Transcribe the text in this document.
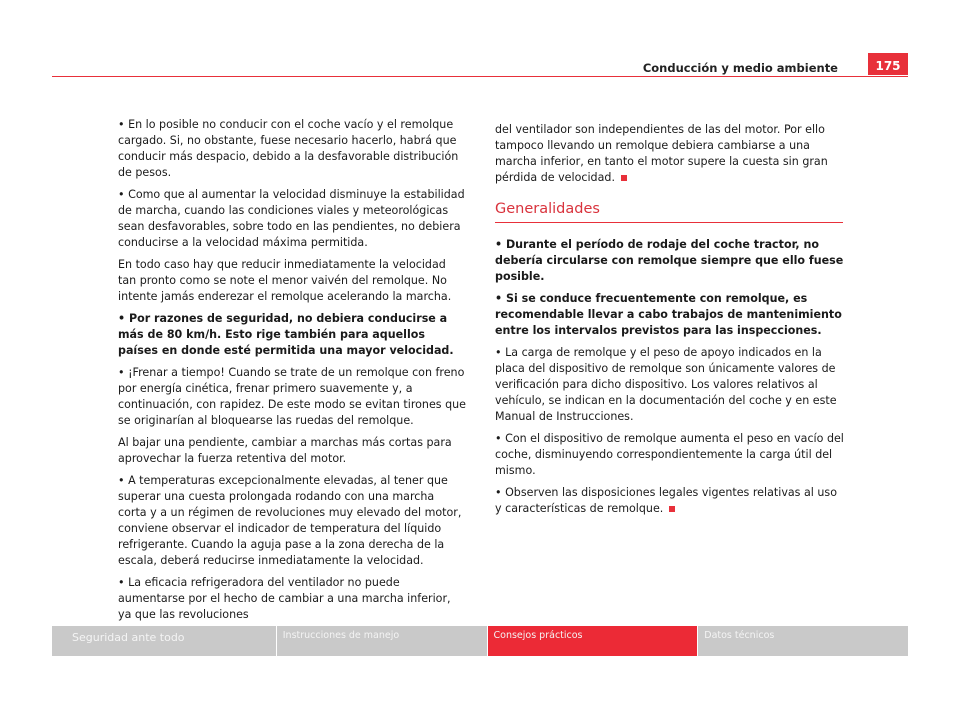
Conducción y medio ambiente	175

• En lo posible no conducir con el coche vacío y el remolque cargado. Si, no obstante, fuese necesario hacerlo, habrá que conducir más despacio, debido a la desfavorable distribución de pesos.

• Como que al aumentar la velocidad disminuye la estabilidad de marcha, cuando las condiciones viales y meteorológicas sean desfavorables, sobre todo en las pendientes, no debiera conducirse a la velocidad máxima permitida.

En todo caso hay que reducir inmediatamente la velocidad tan pronto como se note el menor vaivén del remolque. No intente jamás enderezar el remolque acelerando la marcha.

• Por razones de seguridad, no debiera conducirse a más de 80 km/h. Esto rige también para aquellos países en donde esté permitida una mayor velocidad.

• ¡Frenar a tiempo! Cuando se trate de un remolque con freno por energía cinética, frenar primero suavemente y, a continuación, con rapidez. De este modo se evitan tirones que se originarían al bloquearse las ruedas del remolque.

Al bajar una pendiente, cambiar a marchas más cortas para aprovechar la fuerza retentiva del motor.

• A temperaturas excepcionalmente elevadas, al tener que superar una cuesta prolongada rodando con una marcha corta y a un régimen de revoluciones muy elevado del motor, conviene observar el indicador de temperatura del líquido refrigerante. Cuando la aguja pase a la zona derecha de la escala, deberá reducirse inmediatamente la velocidad.

• La eficacia refrigeradora del ventilador no puede aumentarse por el hecho de cambiar a una marcha inferior, ya que las revoluciones

del ventilador son independientes de las del motor. Por ello tampoco llevando un remolque debiera cambiarse a una marcha inferior, en tanto el motor supere la cuesta sin gran pérdida de velocidad.

Generalidades

• Durante el período de rodaje del coche tractor, no debería circularse con remolque siempre que ello fuese posible.

• Si se conduce frecuentemente con remolque, es recomendable llevar a cabo trabajos de mantenimiento entre los intervalos previstos para las inspecciones.

• La carga de remolque y el peso de apoyo indicados en la placa del dispositivo de remolque son únicamente valores de verificación para dicho dispositivo. Los valores relativos al vehículo, se indican en la documentación del coche y en este Manual de Instrucciones.

• Con el dispositivo de remolque aumenta el peso en vacío del coche, disminuyendo correspondientemente la carga útil del mismo.

• Observen las disposiciones legales vigentes relativas al uso y características de remolque.

Seguridad ante todo	Instrucciones de manejo	Consejos prácticos	Datos técnicos
